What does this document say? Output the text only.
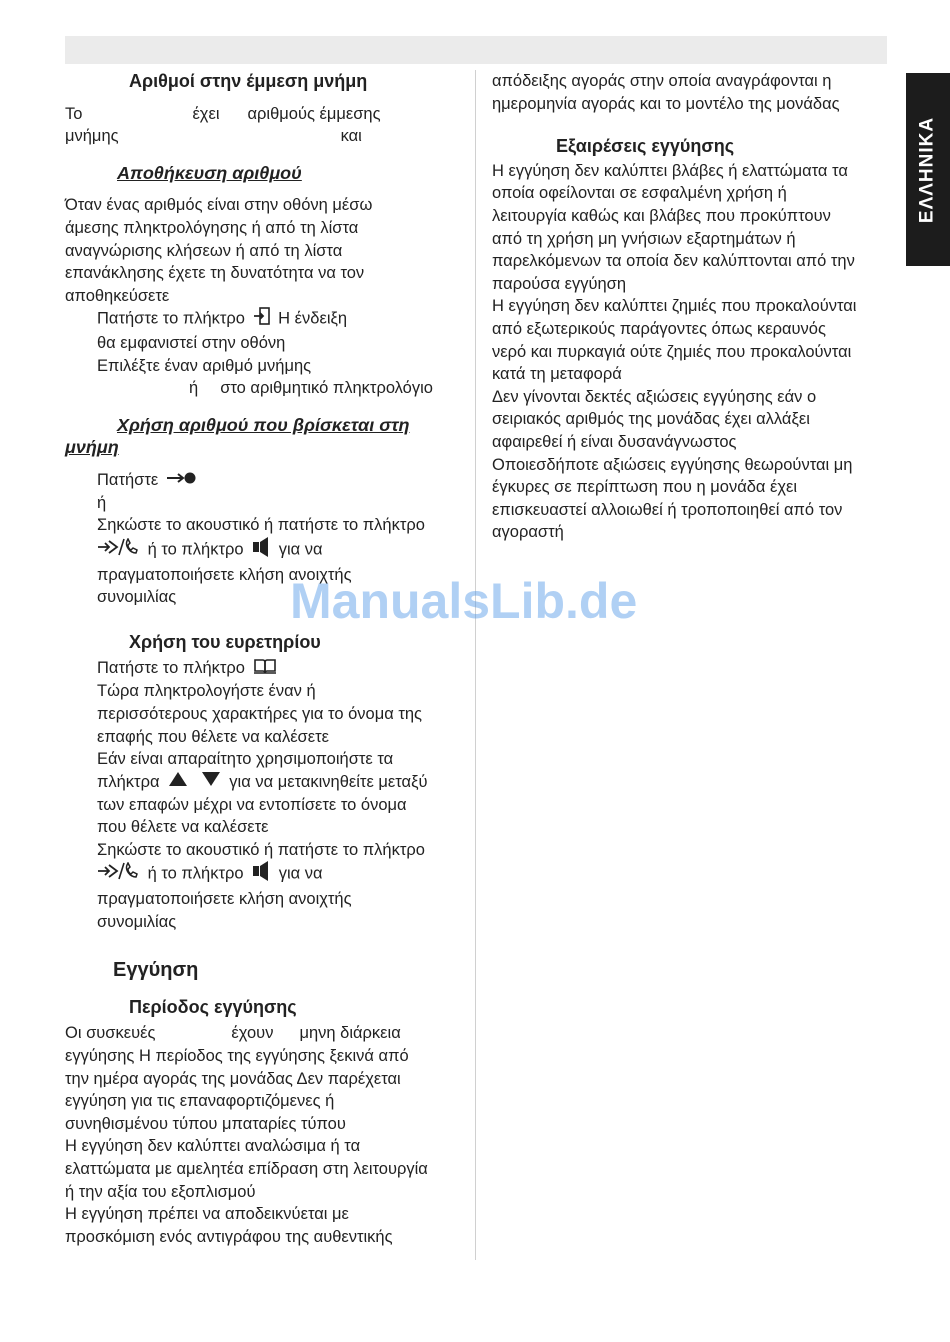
ΕΛΛΗΝΙΚΑ

Αριθμοί στην έμμεση μνήμη

Το	έχει αριθμούς έμμεσης

μνήμης	και

Αποθήκευση αριθμού

Όταν ένας αριθμός είναι στην οθόνη μέσω

άμεσης πληκτρολόγησης ή από τη λίστα

αναγνώρισης κλήσεων ή από τη λίστα

επανάκλησης έχετε τη δυνατότητα να τον

αποθηκεύσετε

Πατήστε το πλήκτρο Η ένδειξη

θα εμφανιστεί στην οθόνη

Επιλέξτε έναν αριθμό μνήμης

ή στο αριθμητικό πληκτρολόγιο

Χρήση αριθμού που βρίσκεται στη

μνήμη

Πατήστε

ή

Σηκώστε το ακουστικό ή πατήστε το πλήκτρο

ή το πλήκτρο για να

πραγματοποιήσετε κλήση ανοιχτής

συνομιλίας

Χρήση του ευρετηρίου

Πατήστε το πλήκτρο

Τώρα πληκτρολογήστε έναν ή

περισσότερους χαρακτήρες για το όνομα της

επαφής που θέλετε να καλέσετε

Εάν είναι απαραίτητο χρησιμοποιήστε τα

πλήκτρα	για να μετακινηθείτε μεταξύ

των επαφών μέχρι να εντοπίσετε το όνομα

που θέλετε να καλέσετε

Σηκώστε το ακουστικό ή πατήστε το πλήκτρο

ή το πλήκτρο για να

πραγματοποιήσετε κλήση ανοιχτής

συνομιλίας

Εγγύηση

Περίοδος εγγύησης

Οι συσκευές	έχουν μηνη διάρκεια

εγγύησης Η περίοδος της εγγύησης ξεκινά από

την ημέρα αγοράς της μονάδας Δεν παρέχεται

εγγύηση για τις επαναφορτιζόμενες ή

συνηθισμένου τύπου μπαταρίες τύπου

Η εγγύηση δεν καλύπτει αναλώσιμα ή τα

ελαττώματα με αμελητέα επίδραση στη λειτουργία

ή την αξία του εξοπλισμού

Η εγγύηση πρέπει να αποδεικνύεται με

προσκόμιση ενός αντιγράφου της αυθεντικής

απόδειξης αγοράς στην οποία αναγράφονται η

ημερομηνία αγοράς και το μοντέλο της μονάδας

Εξαιρέσεις εγγύησης

Η εγγύηση δεν καλύπτει βλάβες ή ελαττώματα τα

οποία οφείλονται σε εσφαλμένη χρήση ή

λειτουργία καθώς και βλάβες που προκύπτουν

από τη χρήση μη γνήσιων εξαρτημάτων ή

παρελκόμενων τα οποία δεν καλύπτονται από την

παρούσα εγγύηση

Η εγγύηση δεν καλύπτει ζημιές που προκαλούνται

από εξωτερικούς παράγοντες όπως κεραυνός

νερό και πυρκαγιά ούτε ζημιές που προκαλούνται

κατά τη μεταφορά

Δεν γίνονται δεκτές αξιώσεις εγγύησης εάν ο

σειριακός αριθμός της μονάδας έχει αλλάξει

αφαιρεθεί ή είναι δυσανάγνωστος

Οποιεσδήποτε αξιώσεις εγγύησης θεωρούνται μη

έγκυρες σε περίπτωση που η μονάδα έχει

επισκευαστεί αλλοιωθεί ή τροποποιηθεί από τον

αγοραστή

ManualsLib.de
